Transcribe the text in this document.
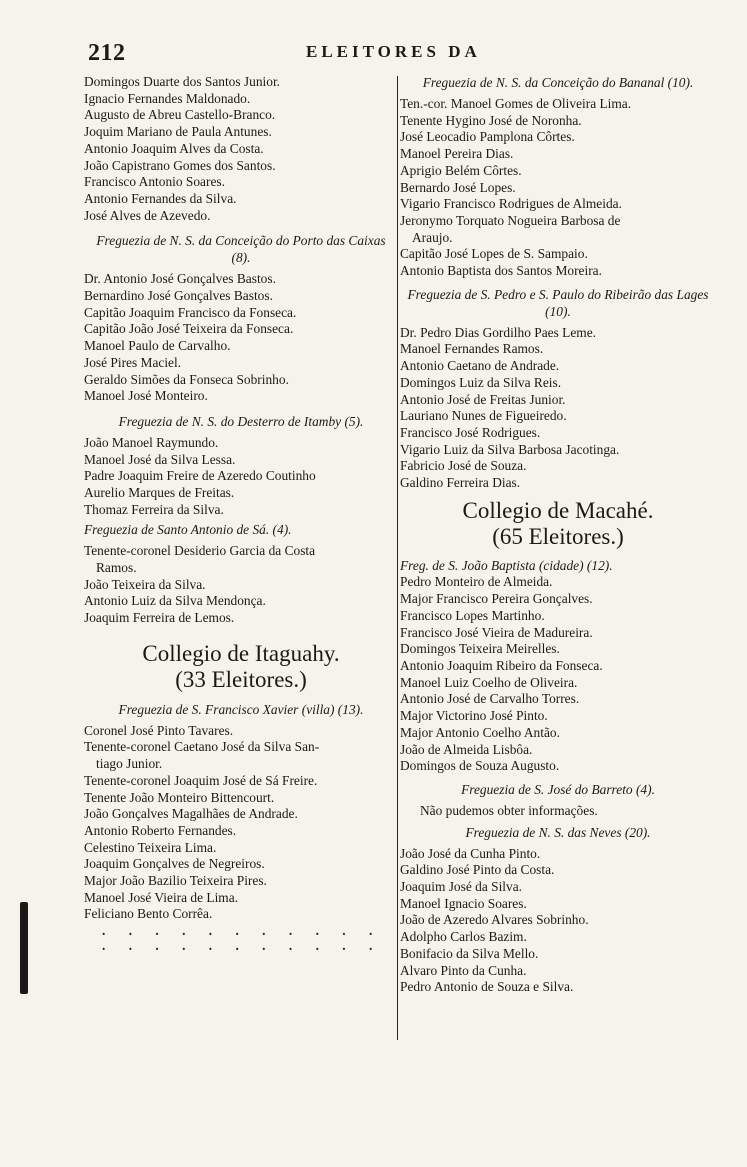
212	ELEITORES DA
Domingos Duarte dos Santos Junior.
Ignacio Fernandes Maldonado.
Augusto de Abreu Castello-Branco.
Joquim Mariano de Paula Antunes.
Antonio Joaquim Alves da Costa.
João Capistrano Gomes dos Santos.
Francisco Antonio Soares.
Antonio Fernandes da Silva.
José Alves de Azevedo.
Freguezia de N. S. da Conceição do Porto das Caixas (8).
Dr. Antonio José Gonçalves Bastos.
Bernardino José Gonçalves Bastos.
Capitão Joaquim Francisco da Fonseca.
Capitão João José Teixeira da Fonseca.
Manoel Paulo de Carvalho.
José Pires Maciel.
Geraldo Simões da Fonseca Sobrinho.
Manoel José Monteiro.
Freguezia de N. S. do Desterro de Itamby (5).
João Manoel Raymundo.
Manoel José da Silva Lessa.
Padre Joaquim Freire de Azeredo Coutinho
Aurelio Marques de Freitas.
Thomaz Ferreira da Silva.
Freguezia de Santo Antonio de Sá. (4).
Tenente-coronel Desiderio Garcia da Costa
Ramos.
João Teixeira da Silva.
Antonio Luiz da Silva Mendonça.
Joaquim Ferreira de Lemos.
Collegio de Itaguahy.
(33 Eleitores.)
Freguezia de S. Francisco Xavier (villa) (13).
Coronel José Pinto Tavares.
Tenente-coronel Caetano José da Silva San-
tiago Junior.
Tenente-coronel Joaquim José de Sá Freire.
Tenente João Monteiro Bittencourt.
João Gonçalves Magalhães de Andrade.
Antonio Roberto Fernandes.
Celestino Teixeira Lima.
Joaquim Gonçalves de Negreiros.
Major João Bazilio Teixeira Pires.
Manoel José Vieira de Lima.
Feliciano Bento Corrêa.
. . . . . . . . . . .
. . . . . . . . . . .
Freguezia de N. S. da Conceição do Bananal (10).
Ten.-cor. Manoel Gomes de Oliveira Lima.
Tenente Hygino José de Noronha.
José Leocadio Pamplona Côrtes.
Manoel Pereira Dias.
Aprigio Belém Côrtes.
Bernardo José Lopes.
Vigario Francisco Rodrigues de Almeida.
Jeronymo Torquato Nogueira Barbosa de
Araujo.
Capitão José Lopes de S. Sampaio.
Antonio Baptista dos Santos Moreira.
Freguezia de S. Pedro e S. Paulo do Ribeirão das Lages (10).
Dr. Pedro Dias Gordilho Paes Leme.
Manoel Fernandes Ramos.
Antonio Caetano de Andrade.
Domingos Luiz da Silva Reis.
Antonio José de Freitas Junior.
Lauriano Nunes de Figueiredo.
Francisco José Rodrigues.
Vigario Luiz da Silva Barbosa Jacotinga.
Fabricio José de Souza.
Galdino Ferreira Dias.
Collegio de Macahé.
(65 Eleitores.)
Freg. de S. João Baptista (cidade) (12).
Pedro Monteiro de Almeida.
Major Francisco Pereira Gonçalves.
Francisco Lopes Martinho.
Francisco José Vieira de Madureira.
Domingos Teixeira Meirelles.
Antonio Joaquim Ribeiro da Fonseca.
Manoel Luiz Coelho de Oliveira.
Antonio José de Carvalho Torres.
Major Victorino José Pinto.
Major Antonio Coelho Antão.
João de Almeida Lisbôa.
Domingos de Souza Augusto.
Freguezia de S. José do Barreto (4).
Não pudemos obter informações.
Freguezia de N. S. das Neves (20).
João José da Cunha Pinto.
Galdino José Pinto da Costa.
Joaquim José da Silva.
Manoel Ignacio Soares.
João de Azeredo Alvares Sobrinho.
Adolpho Carlos Bazim.
Bonifacio da Silva Mello.
Alvaro Pinto da Cunha.
Pedro Antonio de Souza e Silva.
